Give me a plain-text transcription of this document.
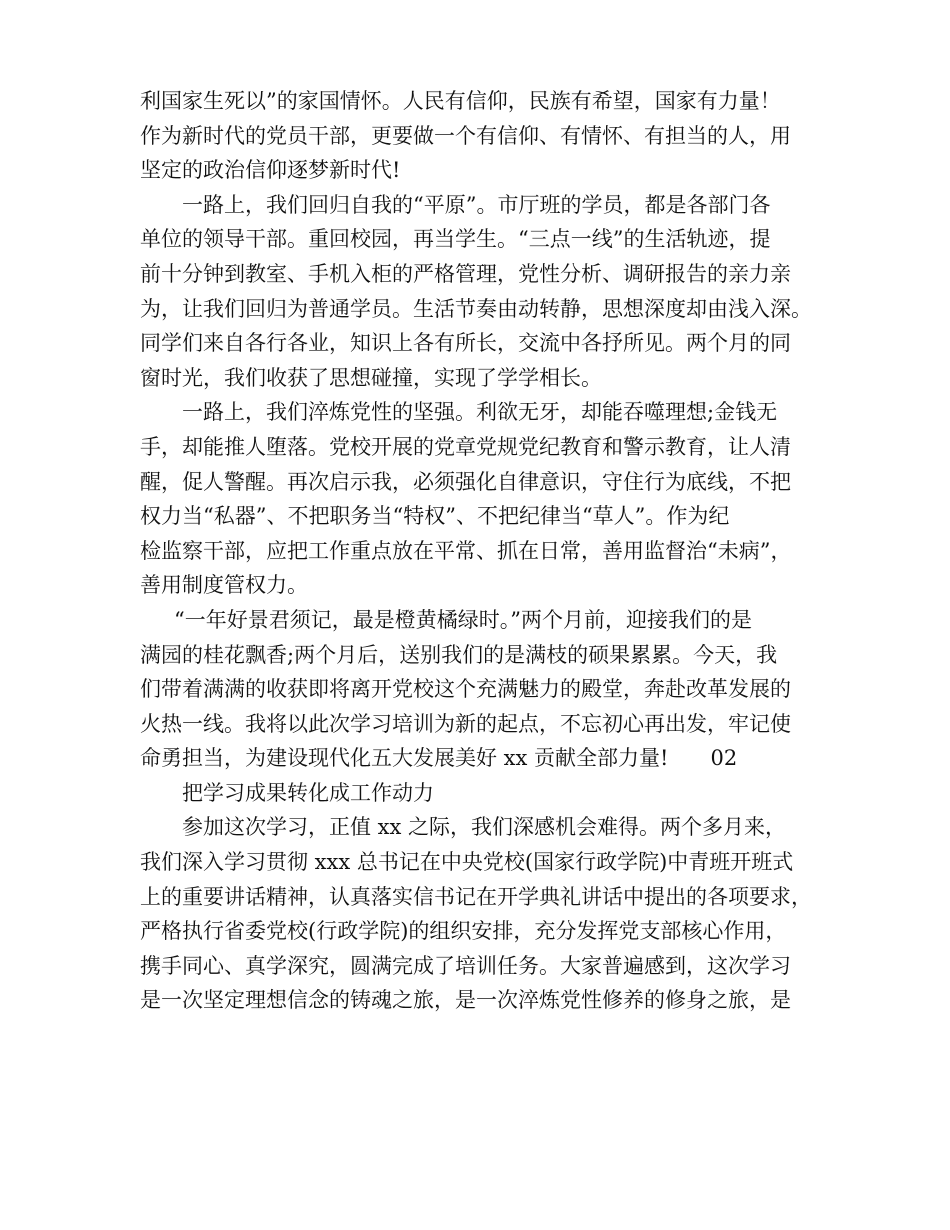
利国家生死以”的家国情怀。人民有信仰，民族有希望，国家有力量！
作为新时代的党员干部，更要做一个有信仰、有情怀、有担当的人，用
坚定的政治信仰逐梦新时代!
一路上，我们回归自我的“平原”。市厅班的学员，都是各部门各
单位的领导干部。重回校园，再当学生。“三点一线”的生活轨迹，提
前十分钟到教室、手机入柜的严格管理，党性分析、调研报告的亲力亲
为，让我们回归为普通学员。生活节奏由动转静，思想深度却由浅入深。
同学们来自各行各业，知识上各有所长，交流中各抒所见。两个月的同
窗时光，我们收获了思想碰撞，实现了学学相长。
一路上，我们淬炼党性的坚强。利欲无牙，却能吞噬理想;金钱无
手，却能推人堕落。党校开展的党章党规党纪教育和警示教育，让人清
醒，促人警醒。再次启示我，必须强化自律意识，守住行为底线，不把
权力当“私器”、不把职务当“特权”、不把纪律当“草人”。作为纪
检监察干部，应把工作重点放在平常、抓在日常，善用监督治“未病”，
善用制度管权力。
“一年好景君须记，最是橙黄橘绿时。”两个月前，迎接我们的是
满园的桂花飘香;两个月后，送别我们的是满枝的硕果累累。今天，我
们带着满满的收获即将离开党校这个充满魅力的殿堂，奔赴改革发展的
火热一线。我将以此次学习培训为新的起点，不忘初心再出发，牢记使
命勇担当，为建设现代化五大发展美好 xx 贡献全部力量!　　02
把学习成果转化成工作动力
参加这次学习，正值 xx 之际，我们深感机会难得。两个多月来，
我们深入学习贯彻 xxx 总书记在中央党校(国家行政学院)中青班开班式
上的重要讲话精神，认真落实信书记在开学典礼讲话中提出的各项要求，
严格执行省委党校(行政学院)的组织安排，充分发挥党支部核心作用，
携手同心、真学深究，圆满完成了培训任务。大家普遍感到，这次学习
是一次坚定理想信念的铸魂之旅，是一次淬炼党性修养的修身之旅，是
